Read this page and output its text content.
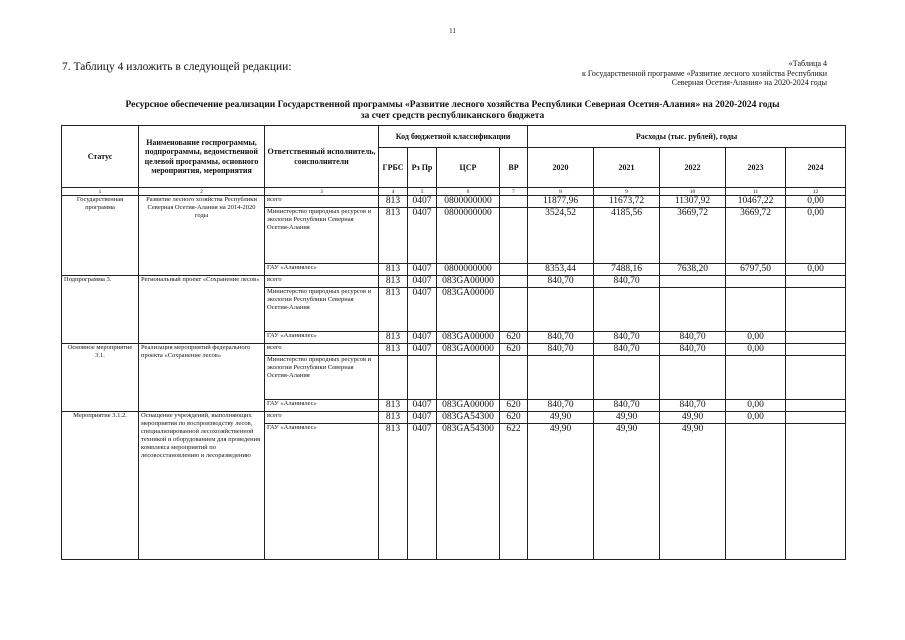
11
7. Таблицу 4 изложить в следующей редакции:	«Таблица 4
к Государственной программе «Развитие лесного хозяйства Республики
Северная Осетия-Алания» на 2020-2024 годы
Ресурсное обеспечение реализации Государственной программы «Развитие лесного хозяйства Республики Северная Осетия-Алания» на 2020-2024 годы
за счет средств республиканского бюджета
Статус	Наименование госпрограммы, подпрограммы, ведомственной целевой программы, основного мероприятия, мероприятия	Ответственный исполнитель, соисполнители	Код бюджетной классификации				Расходы (тыс. рублей), годы				
			ГРБС	Рз Пр	ЦСР	ВР	2020	2021	2022	2023	2024
1	2	3	4	5	6	7	8	9	10	11	12
Государственная программа	Развитие лесного хозяйства Республики Северная Осетия-Алания на 2014-2020 годы	всего	813	0407	0800000000		11877,96	11673,72	11307,92	10467,22	0,00
		Министерство природных ресурсов и экологии Республики Северная Осетия-Алания	813	0407	0800000000		3524,52	4185,56	3669,72	3669,72	0,00
		ГАУ «Аланиялес»	813	0407	0800000000		8353,44	7488,16	7638,20	6797,50	0,00
Подпрограмма 3.	Региональный проект «Сохранение лесов»	всего	813	0407	083GA00000		840,70	840,70			
		Министерство природных ресурсов и экологии Республики Северная Осетия-Алания	813	0407	083GA00000						
		ГАУ «Аланиялес»	813	0407	083GA00000	620	840,70	840,70	840,70	0,00	
Основное мероприятие 3.1.	Реализация мероприятий федерального проекта «Сохранение лесов»	всего	813	0407	083GA00000	620	840,70	840,70	840,70	0,00	
		Министерство природных ресурсов и экологии Республики Северная Осетия-Алания									
		ГАУ «Аланиялес»	813	0407	083GA00000	620	840,70	840,70	840,70	0,00	
Мероприятие 3.1.2.	Оснащение учреждений, выполняющих мероприятия по воспроизводству лесов, специализированной лесохозяйственной техникой и оборудованием для проведения комплекса мероприятий по лесовосстановлению и лесоразведению	всего	813	0407	083GA54300	620	49,90	49,90	49,90	0,00	
		ГАУ «Аланиялес»	813	0407	083GA54300	622	49,90	49,90	49,90		
